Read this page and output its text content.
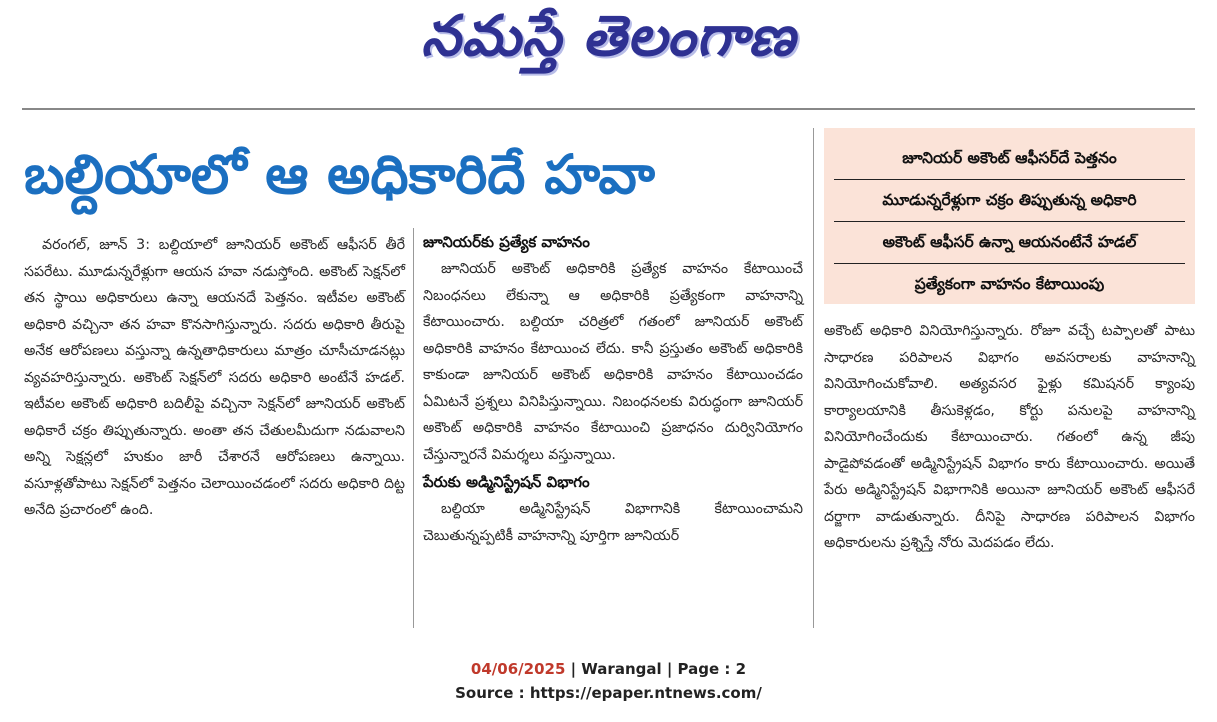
నమస్తే తెలంగాణ
బల్దియాలో ఆ అధికారిదే హవా	జూనియర్ అకౌంట్ ఆఫీసర్‌దే పెత్తనం
మూడున్నరేళ్లుగా చక్రం తిప్పుతున్న అధికారి
అకౌంట్ ఆఫీసర్ ఉన్నా ఆయనంటేనే హడల్
ప్రత్యేకంగా వాహనం కేటాయింపు

వరంగల్, జూన్ 3: బల్దియాలో జూనియర్ అకౌంట్ ఆఫీసర్ తీరే సపరేటు. మూడున్నరేళ్లుగా ఆయన హవా నడుస్తోంది. అకౌంట్ సెక్షన్‌లో తన స్థాయి అధికారులు ఉన్నా ఆయనదే పెత్తనం. ఇటీవల అకౌంట్ అధికారి వచ్చినా తన హవా కొనసాగిస్తున్నారు. సదరు అధికారి తీరుపై అనేక ఆరోపణలు వస్తున్నా ఉన్నతాధికారులు మాత్రం చూసీచూడనట్లు వ్యవహరిస్తున్నారు. అకౌంట్ సెక్షన్‌లో సదరు అధికారి అంటేనే హడల్. ఇటీవల అకౌంట్ అధికారి బదిలీపై వచ్చినా సెక్షన్‌లో జూనియర్ అకౌంట్ అధికారే చక్రం తిప్పుతున్నారు. అంతా తన చేతులమీదుగా నడువాలని అన్ని సెక్షన్లలో హుకుం జారీ చేశారనే ఆరోపణలు ఉన్నాయి. వసూళ్లతోపాటు సెక్షన్‌లో పెత్తనం చెలాయించడంలో సదరు అధికారి దిట్ట అనేది ప్రచారంలో ఉంది.

జూనియర్‌కు ప్రత్యేక వాహనం

జూనియర్ అకౌంట్ అధికారికి ప్రత్యేక వాహనం కేటాయించే నిబంధనలు లేకున్నా ఆ అధికారికి ప్రత్యేకంగా వాహనాన్ని కేటాయించారు. బల్దియా చరిత్రలో గతంలో జూనియర్ అకౌంట్ అధికారికి వాహనం కేటాయించ లేదు. కానీ ప్రస్తుతం అకౌంట్ అధికారికి కాకుండా జూనియర్ అకౌంట్ అధికారికి వాహనం కేటాయించడం ఏమిటనే ప్రశ్నలు వినిపిస్తున్నాయి. నిబంధనలకు విరుద్ధంగా జూనియర్ అకౌంట్ అధికారికి వాహనం కేటాయించి ప్రజాధనం దుర్వినియోగం చేస్తున్నారనే విమర్శలు వస్తున్నాయి.

పేరుకు అడ్మినిస్ట్రేషన్ విభాగం

బల్దియా అడ్మినిస్ట్రేషన్ విభాగానికి కేటాయించామని చెబుతున్నప్పటికీ వాహనాన్ని పూర్తిగా జూనియర్

అకౌంట్ అధికారి వినియోగిస్తున్నారు. రోజూ వచ్చే టప్పాలతో పాటు సాధారణ పరిపాలన విభాగం అవసరాలకు వాహనాన్ని వినియోగించుకోవాలి. అత్యవసర ఫైళ్లు కమిషనర్ క్యాంపు కార్యాలయానికి తీసుకెళ్లడం, కోర్టు పనులపై వాహనాన్ని వినియోగించేందుకు కేటాయించారు. గతంలో ఉన్న జీపు పాడైపోవడంతో అడ్మినిస్ట్రేషన్ విభాగం కారు కేటాయించారు. అయితే పేరు అడ్మినిస్ట్రేషన్ విభాగానికి అయినా జూనియర్ అకౌంట్ ఆఫీసరే దర్జాగా వాడుతున్నారు. దీనిపై సాధారణ పరిపాలన విభాగం అధికారులను ప్రశ్నిస్తే నోరు మెదపడం లేదు.

04/06/2025 | Warangal | Page : 2
Source : https://epaper.ntnews.com/
